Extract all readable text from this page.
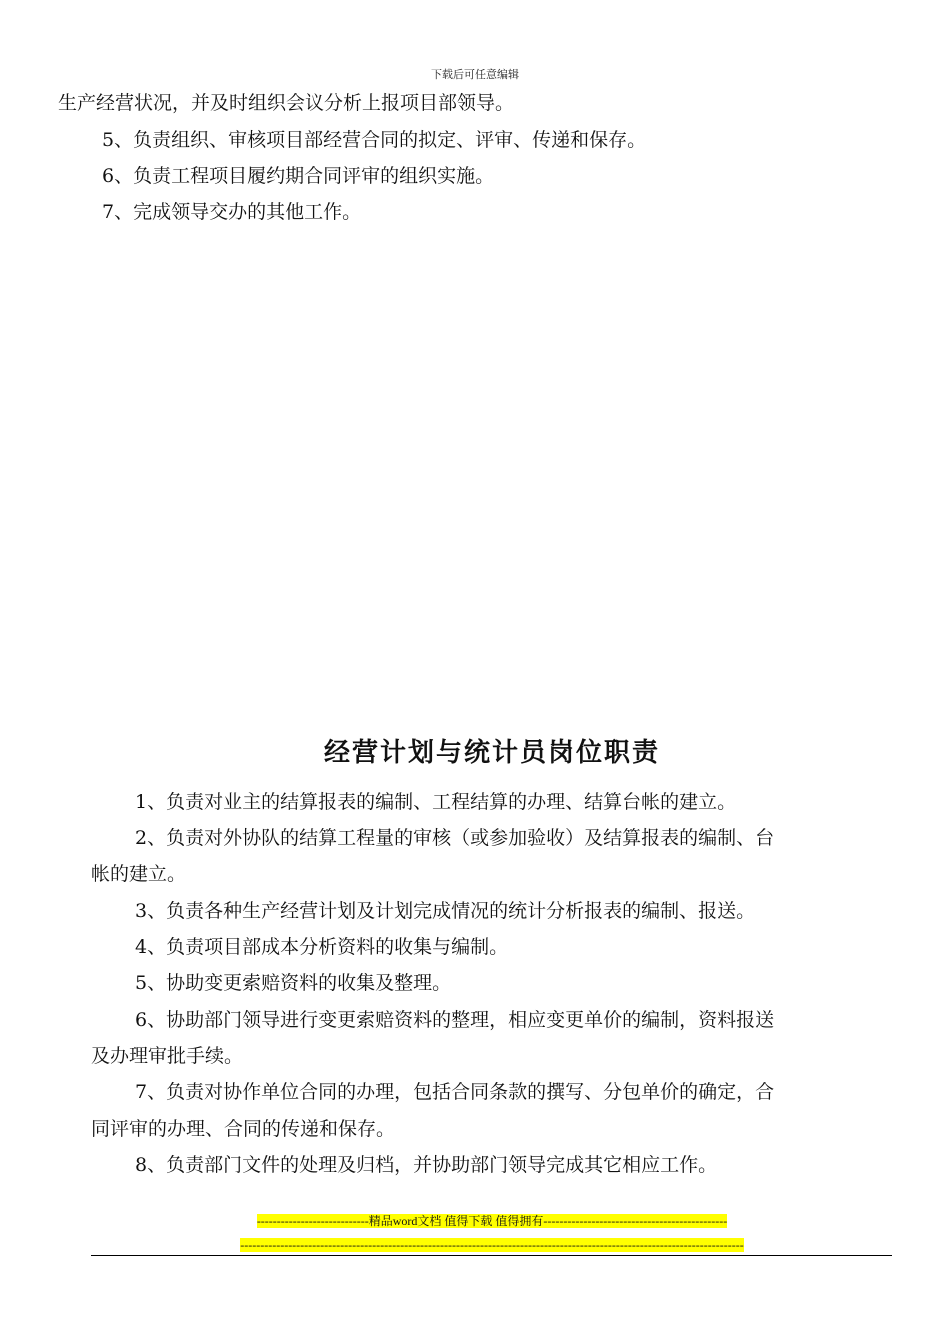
下载后可任意编辑
生产经营状况，并及时组织会议分析上报项目部领导。
5、负责组织、审核项目部经营合同的拟定、评审、传递和保存。
6、负责工程项目履约期合同评审的组织实施。
7、完成领导交办的其他工作。
经营计划与统计员岗位职责
1、负责对业主的结算报表的编制、工程结算的办理、结算台帐的建立。
2、负责对外协队的结算工程量的审核（或参加验收）及结算报表的编制、台
帐的建立。
3、负责各种生产经营计划及计划完成情况的统计分析报表的编制、报送。
4、负责项目部成本分析资料的收集与编制。
5、协助变更索赔资料的收集及整理。
6、协助部门领导进行变更索赔资料的整理，相应变更单价的编制，资料报送
及办理审批手续。
7、负责对协作单位合同的办理，包括合同条款的撰写、分包单价的确定，合
同评审的办理、合同的传递和保存。
8、负责部门文件的处理及归档，并协助部门领导完成其它相应工作。
----------------------------精品word文档 值得下载 值得拥有----------------------------------------------
------------------------------------------------------------------------------------------------------------------------------
